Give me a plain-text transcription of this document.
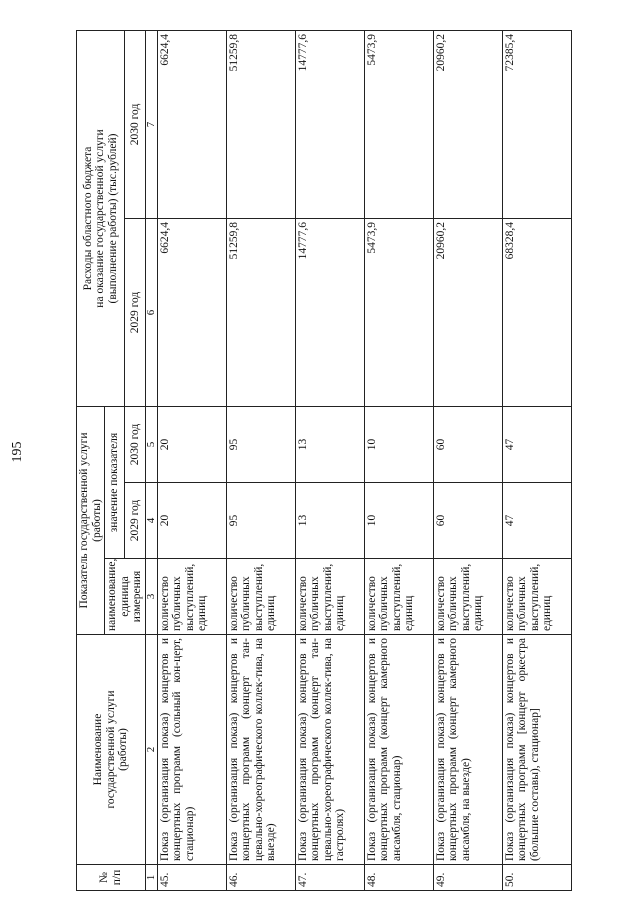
195
№
п/п	Наименование
государственной услуги
(работы)	Показатель государственной услуги (работы)			Расходы областного бюджета
на оказание государственной услуги
(выполнение работы) (тыс.рублей)	
		наименование,
единица
измерения	значение показателя			
			2029 год	2030 год	2029 год	2030 год
1	2	3	4	5	6	7
45.	Показ (организация показа) концертов и концертных программ (сольный кон-церт, стационар)	количество публичных выступлений, единиц	20	20	6624,4	6624,4
46.	Показ (организация показа) концертов и концертных программ (концерт тан-цевально-хореографического коллек-тива, на выезде)	количество публичных выступлений, единиц	95	95	51259,8	51259,8
47.	Показ (организация показа) концертов и концертных программ (концерт тан-цевально-хореографического коллек-тива, на гастролях)	количество публичных выступлений, единиц	13	13	14777,6	14777,6
48.	Показ (организация показа) концертов и концертных программ (концерт камерного ансамбля, стационар)	количество публичных выступлений, единиц	10	10	5473,9	5473,9
49.	Показ (организация показа) концертов и концертных программ (концерт камерного ансамбля, на выезде)	количество публичных выступлений, единиц	60	60	20960,2	20960,2
50.	Показ (организация показа) концертов и концертных программ [концерт оркестра (большие составы), стационар]	количество публичных выступлений, единиц	47	47	68328,4	72385,4
